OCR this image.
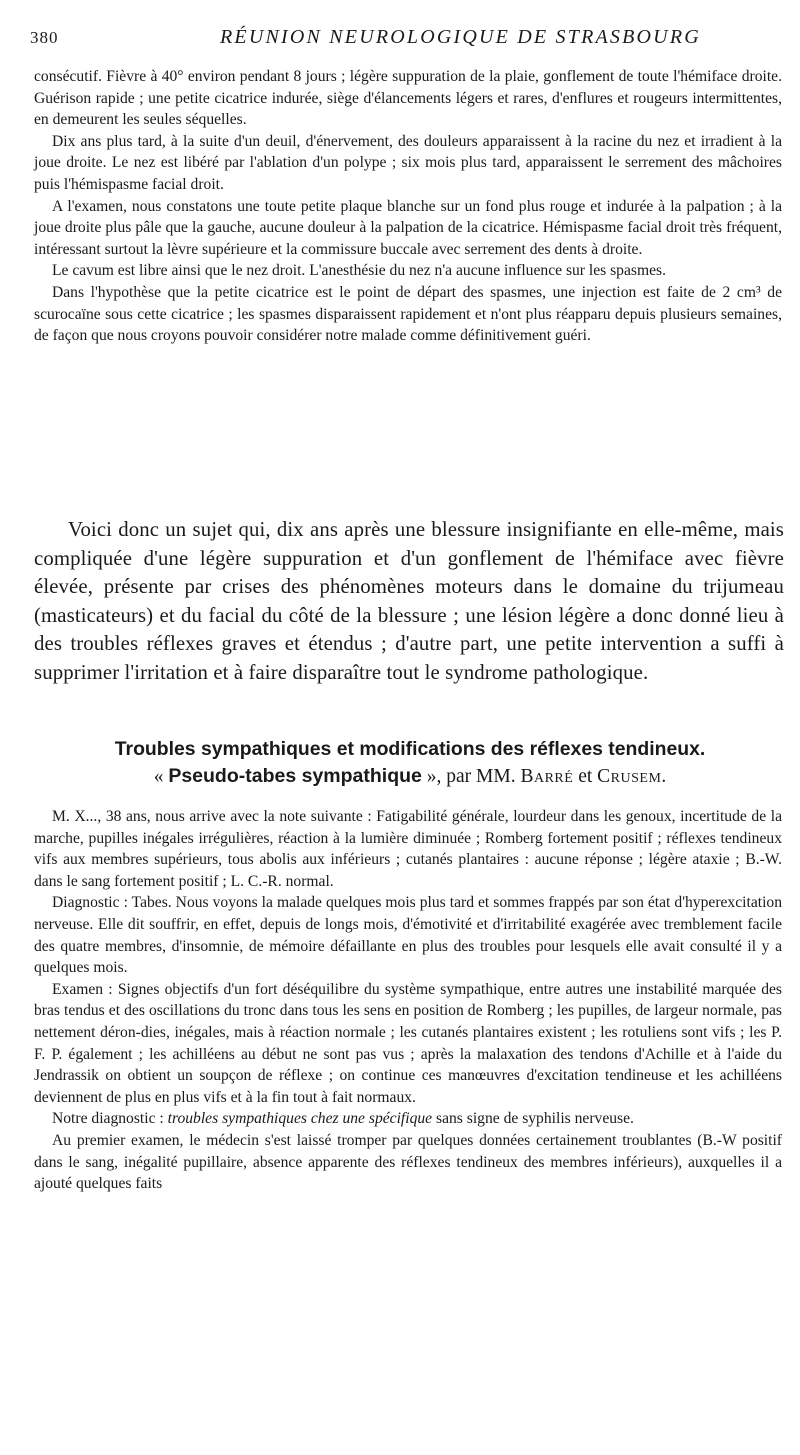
380	RÉUNION NEUROLOGIQUE DE STRASBOURG

consécutif. Fièvre à 40° environ pendant 8 jours ; légère suppuration de la plaie, gonflement de toute l'hémiface droite. Guérison rapide ; une petite cicatrice indurée, siège d'élancements légers et rares, d'enflures et rougeurs intermittentes, en demeurent les seules séquelles.

Dix ans plus tard, à la suite d'un deuil, d'énervement, des douleurs apparaissent à la racine du nez et irradient à la joue droite. Le nez est libéré par l'ablation d'un polype ; six mois plus tard, apparaissent le serrement des mâchoires puis l'hémispasme facial droit.

A l'examen, nous constatons une toute petite plaque blanche sur un fond plus rouge et indurée à la palpation ; à la joue droite plus pâle que la gauche, aucune douleur à la palpation de la cicatrice. Hémispasme facial droit très fréquent, intéressant surtout la lèvre supérieure et la commissure buccale avec serrement des dents à droite.

Le cavum est libre ainsi que le nez droit. L'anesthésie du nez n'a aucune influence sur les spasmes.

Dans l'hypothèse que la petite cicatrice est le point de départ des spasmes, une injection est faite de 2 cm³ de scurocaïne sous cette cicatrice ; les spasmes disparaissent rapidement et n'ont plus réapparu depuis plusieurs semaines, de façon que nous croyons pouvoir considérer notre malade comme définitivement guéri.

Voici donc un sujet qui, dix ans après une blessure insignifiante en elle-même, mais compliquée d'une légère suppuration et d'un gonflement de l'hémiface avec fièvre élevée, présente par crises des phénomènes moteurs dans le domaine du trijumeau (masticateurs) et du facial du côté de la blessure ; une lésion légère a donc donné lieu à des troubles réflexes graves et étendus ; d'autre part, une petite intervention a suffi à supprimer l'irritation et à faire disparaître tout le syndrome pathologique.

Troubles sympathiques et modifications des réflexes tendineux.
« Pseudo-tabes sympathique », par MM. Barré et Crusem.

M. X..., 38 ans, nous arrive avec la note suivante : Fatigabilité générale, lourdeur dans les genoux, incertitude de la marche, pupilles inégales irrégulières, réaction à la lumière diminuée ; Romberg fortement positif ; réflexes tendineux vifs aux membres supérieurs, tous abolis aux inférieurs ; cutanés plantaires : aucune réponse ; légère ataxie ; B.-W. dans le sang fortement positif ; L. C.-R. normal.

Diagnostic : Tabes. Nous voyons la malade quelques mois plus tard et sommes frappés par son état d'hyperexcitation nerveuse. Elle dit souffrir, en effet, depuis de longs mois, d'émotivité et d'irritabilité exagérée avec tremblement facile des quatre membres, d'insomnie, de mémoire défaillante en plus des troubles pour lesquels elle avait consulté il y a quelques mois.

Examen : Signes objectifs d'un fort déséquilibre du système sympathique, entre autres une instabilité marquée des bras tendus et des oscillations du tronc dans tous les sens en position de Romberg ; les pupilles, de largeur normale, pas nettement déron-dies, inégales, mais à réaction normale ; les cutanés plantaires existent ; les rotuliens sont vifs ; les P. F. P. également ; les achilléens au début ne sont pas vus ; après la malaxation des tendons d'Achille et à l'aide du Jendrassik on obtient un soupçon de réflexe ; on continue ces manœuvres d'excitation tendineuse et les achilléens deviennent de plus en plus vifs et à la fin tout à fait normaux.

Notre diagnostic : troubles sympathiques chez une spécifique sans signe de syphilis nerveuse.

Au premier examen, le médecin s'est laissé tromper par quelques données certainement troublantes (B.-W positif dans le sang, inégalité pupillaire, absence apparente des réflexes tendineux des membres inférieurs), auxquelles il a ajouté quelques faits
